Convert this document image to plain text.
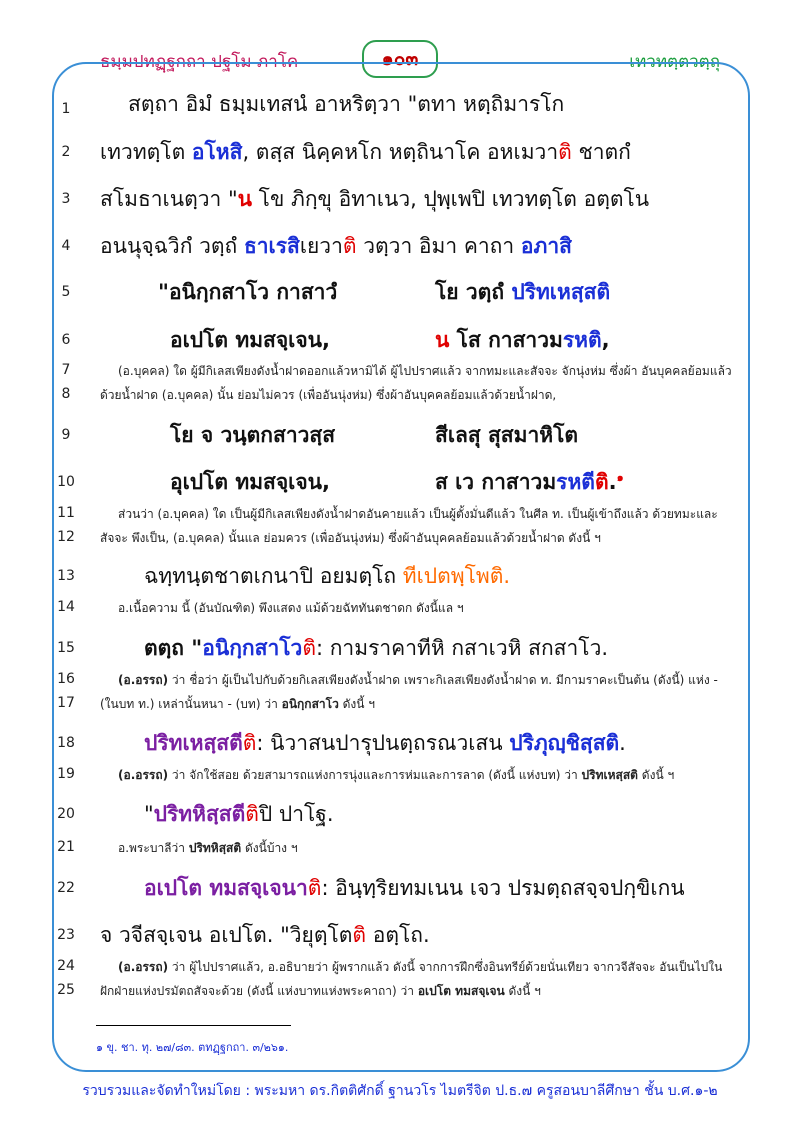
ธมฺมปทฏฺฐกถา ปฐโม ภาโค	๑๐๓	เทวทตฺตวตฺถุ
1	สตฺถา อิมํ ธมฺมเทสนํ อาหริตฺวา "ตทา หตฺถิมารโก
2	เทวทตฺโต อโหสิ, ตสฺส นิคฺคหโก หตฺถินาโค อหเมวาติ ชาตกํ
3	สโมธาเนตฺวา "น โข ภิกฺขุ อิทาเนว, ปุพฺเพปิ เทวทตฺโต อตฺตโน
4	อนนุจฺฉวิกํ วตฺถํ ธาเรสิเยวาติ วตฺวา อิมา คาถา อภาสิ
5	"อนิกฺกสาโว กาสาวํ	โย วตฺถํ ปริทเหสฺสติ
6	อเปโต ทมสจฺเจน,	น โส กาสาวมรหติ,
7	(อ.บุคคล) ใด ผู้มีกิเลสเพียงดังน้ำฝาดออกแล้วหามิได้ ผู้ไปปราศแล้ว จากทมะและสัจจะ จักนุ่งห่ม ซึ่งผ้า อันบุคคลย้อมแล้ว
8	ด้วยน้ำฝาด (อ.บุคคล) นั้น ย่อมไม่ควร (เพื่ออันนุ่งห่ม) ซึ่งผ้าอันบุคคลย้อมแล้วด้วยน้ำฝาด,
9	โย จ วนฺตกสาวสฺส	สีเลสุ สุสมาหิโต
10	อุเปโต ทมสจฺเจน,	ส เว กาสาวมรหตีติ.$^๑$
11	ส่วนว่า (อ.บุคคล) ใด เป็นผู้มีกิเลสเพียงดังน้ำฝาดอันคายแล้ว เป็นผู้ตั้งมั่นดีแล้ว ในศีล ท. เป็นผู้เข้าถึงแล้ว ด้วยทมะและ
12	สัจจะ พึงเป็น, (อ.บุคคล) นั้นแล ย่อมควร (เพื่ออันนุ่งห่ม) ซึ่งผ้าอันบุคคลย้อมแล้วด้วยน้ำฝาด ดังนี้ ฯ
13	ฉทฺทนฺตชาตเกนาปิ อยมตฺโถ ทีเปตพฺโพติ.
14	อ.เนื้อความ นี้ (อันบัณฑิต) พึงแสดง แม้ด้วยฉัททันตชาดก ดังนี้แล ฯ
15	ตตฺถ "อนิกฺกสาโวติ: กามราคาทีหิ กสาเวหิ สกสาโว.
16	(อ.อรรถ) ว่า ชื่อว่า ผู้เป็นไปกับด้วยกิเลสเพียงดังน้ำฝาด เพราะกิเลสเพียงดังน้ำฝาด ท. มีกามราคะเป็นต้น (ดังนี้) แห่ง -
17	(ในบท ท.) เหล่านั้นหนา - (บท) ว่า อนิกฺกสาโว ดังนี้ ฯ
18	ปริทเหสฺสตีติ: นิวาสนปารุปนตฺถรณวเสน ปริภุญฺชิสฺสติ.
19	(อ.อรรถ) ว่า จักใช้สอย ด้วยสามารถแห่งการนุ่งและการห่มและการลาด (ดังนี้ แห่งบท) ว่า ปริทเหสฺสติ ดังนี้ ฯ
20	"ปริทหิสฺสตีติปิ ปาโฐ.
21	อ.พระบาลีว่า ปริทหิสฺสติ ดังนี้บ้าง ฯ
22	อเปโต ทมสจฺเจนาติ: อินฺทฺริยทมเนน เจว ปรมตฺถสจฺจปกฺขิเกน
23	จ วจีสจฺเจน อเปโต. "วิยุตฺโตติ อตฺโถ.
24	(อ.อรรถ) ว่า ผู้ไปปราศแล้ว, อ.อธิบายว่า ผู้พรากแล้ว ดังนี้ จากการฝึกซึ่งอินทรีย์ด้วยนั่นเทียว จากวจีสัจจะ อันเป็นไปใน
25	ฝักฝ่ายแห่งปรมัตถสัจจะด้วย (ดังนี้ แห่งบาทแห่งพระคาถา) ว่า อเปโต ทมสจฺเจน ดังนี้ ฯ
๑ ขุ. ชา. ทุ. ๒๗/๘๓. ตทฏฺฐกถา. ๓/๒๖๑.
รวบรวมและจัดทำใหม่โดย : พระมหา ดร.กิตติศักดิ์ ฐานวโร ไมตรีจิต ป.ธ.๗ ครูสอนบาลีศึกษา ชั้น บ.ศ.๑-๒
